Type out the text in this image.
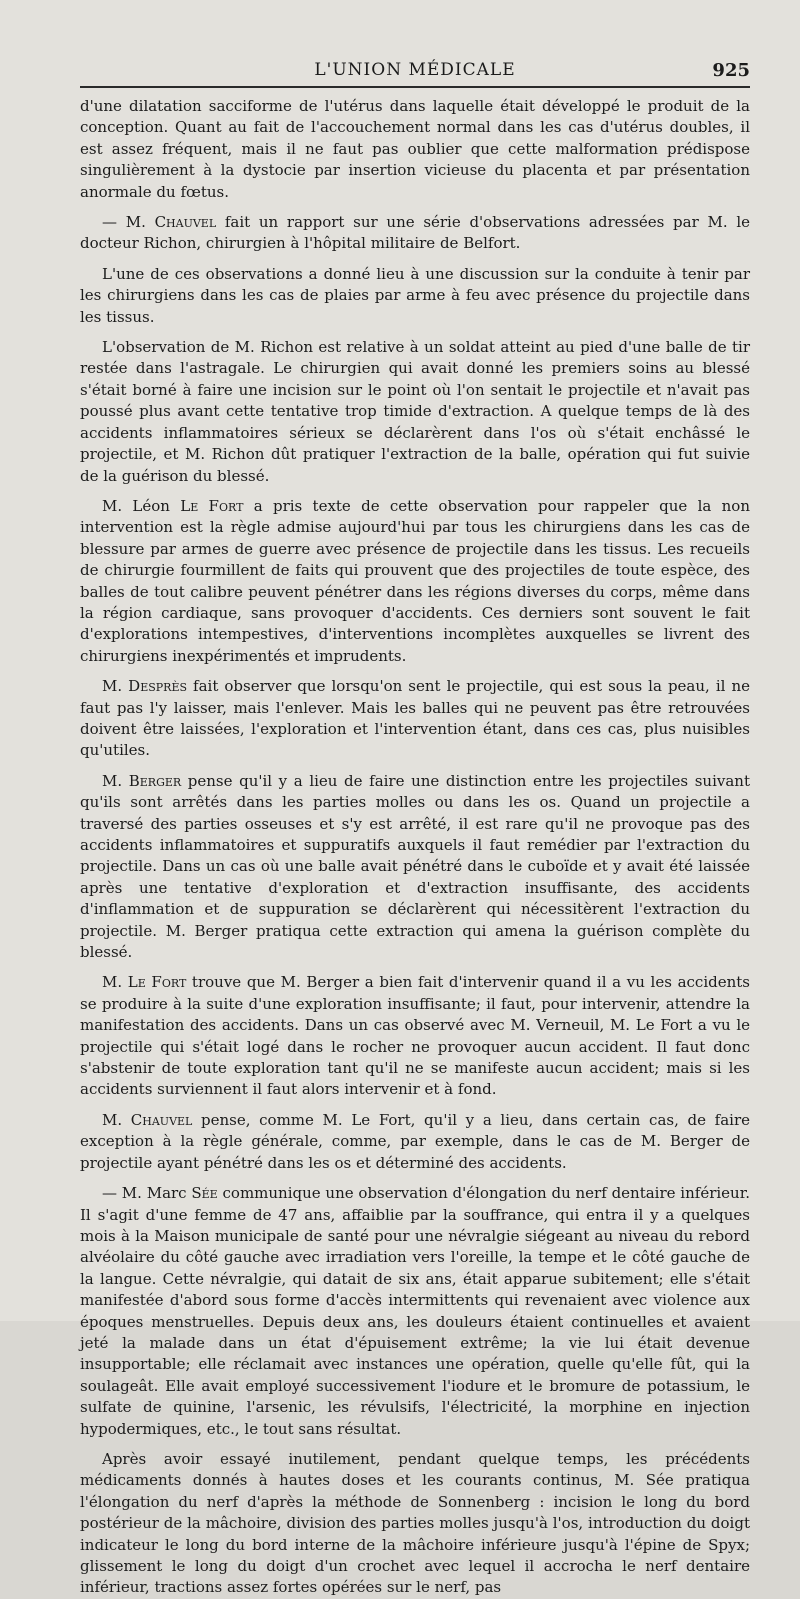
L'UNION MÉDICALE	925

d'une dilatation sacciforme de l'utérus dans laquelle était développé le produit de la conception. Quant au fait de l'accouchement normal dans les cas d'utérus doubles, il est assez fréquent, mais il ne faut pas oublier que cette malformation prédispose singulièrement à la dystocie par insertion vicieuse du placenta et par présentation anormale du fœtus.

— M. Chauvel fait un rapport sur une série d'observations adressées par M. le docteur Richon, chirurgien à l'hôpital militaire de Belfort.

L'une de ces observations a donné lieu à une discussion sur la conduite à tenir par les chirurgiens dans les cas de plaies par arme à feu avec présence du projectile dans les tissus.

L'observation de M. Richon est relative à un soldat atteint au pied d'une balle de tir restée dans l'astragale. Le chirurgien qui avait donné les premiers soins au blessé s'était borné à faire une incision sur le point où l'on sentait le projectile et n'avait pas poussé plus avant cette tentative trop timide d'extraction. A quelque temps de là des accidents inflammatoires sérieux se déclarèrent dans l'os où s'était enchâssé le projectile, et M. Richon dût pratiquer l'extraction de la balle, opération qui fut suivie de la guérison du blessé.

M. Léon Le Fort a pris texte de cette observation pour rappeler que la non intervention est la règle admise aujourd'hui par tous les chirurgiens dans les cas de blessure par armes de guerre avec présence de projectile dans les tissus. Les recueils de chirurgie fourmillent de faits qui prouvent que des projectiles de toute espèce, des balles de tout calibre peuvent pénétrer dans les régions diverses du corps, même dans la région cardiaque, sans provoquer d'accidents. Ces derniers sont souvent le fait d'explorations intempestives, d'interventions incomplètes auxquelles se livrent des chirurgiens inexpérimentés et imprudents.

M. Desprès fait observer que lorsqu'on sent le projectile, qui est sous la peau, il ne faut pas l'y laisser, mais l'enlever. Mais les balles qui ne peuvent pas être retrouvées doivent être laissées, l'exploration et l'intervention étant, dans ces cas, plus nuisibles qu'utiles.

M. Berger pense qu'il y a lieu de faire une distinction entre les projectiles suivant qu'ils sont arrêtés dans les parties molles ou dans les os. Quand un projectile a traversé des parties osseuses et s'y est arrêté, il est rare qu'il ne provoque pas des accidents inflammatoires et suppuratifs auxquels il faut remédier par l'extraction du projectile. Dans un cas où une balle avait pénétré dans le cuboïde et y avait été laissée après une tentative d'exploration et d'extraction insuffisante, des accidents d'inflammation et de suppuration se déclarèrent qui nécessitèrent l'extraction du projectile. M. Berger pratiqua cette extraction qui amena la guérison complète du blessé.

M. Le Fort trouve que M. Berger a bien fait d'intervenir quand il a vu les accidents se produire à la suite d'une exploration insuffisante; il faut, pour intervenir, attendre la manifestation des accidents. Dans un cas observé avec M. Verneuil, M. Le Fort a vu le projectile qui s'était logé dans le rocher ne provoquer aucun accident. Il faut donc s'abstenir de toute exploration tant qu'il ne se manifeste aucun accident; mais si les accidents surviennent il faut alors intervenir et à fond.

M. Chauvel pense, comme M. Le Fort, qu'il y a lieu, dans certain cas, de faire exception à la règle générale, comme, par exemple, dans le cas de M. Berger de projectile ayant pénétré dans les os et déterminé des accidents.

— M. Marc Sée communique une observation d'élongation du nerf dentaire inférieur. Il s'agit d'une femme de 47 ans, affaiblie par la souffrance, qui entra il y a quelques mois à la Maison municipale de santé pour une névralgie siégeant au niveau du rebord alvéolaire du côté gauche avec irradiation vers l'oreille, la tempe et le côté gauche de la langue. Cette névralgie, qui datait de six ans, était apparue subitement; elle s'était manifestée d'abord sous forme d'accès intermittents qui revenaient avec violence aux époques menstruelles. Depuis deux ans, les douleurs étaient continuelles et avaient jeté la malade dans un état d'épuisement extrême; la vie lui était devenue insupportable; elle réclamait avec instances une opération, quelle qu'elle fût, qui la soulageât. Elle avait employé successivement l'iodure et le bromure de potassium, le sulfate de quinine, l'arsenic, les révulsifs, l'électricité, la morphine en injection hypodermiques, etc., le tout sans résultat.

Après avoir essayé inutilement, pendant quelque temps, les précédents médicaments donnés à hautes doses et les courants continus, M. Sée pratiqua l'élongation du nerf d'après la méthode de Sonnenberg : incision le long du bord postérieur de la mâchoire, division des parties molles jusqu'à l'os, introduction du doigt indicateur le long du bord interne de la mâchoire inférieure jusqu'à l'épine de Spyx; glissement le long du doigt d'un crochet avec lequel il accrocha le nerf dentaire inférieur, tractions assez fortes opérées sur le nerf, pas
